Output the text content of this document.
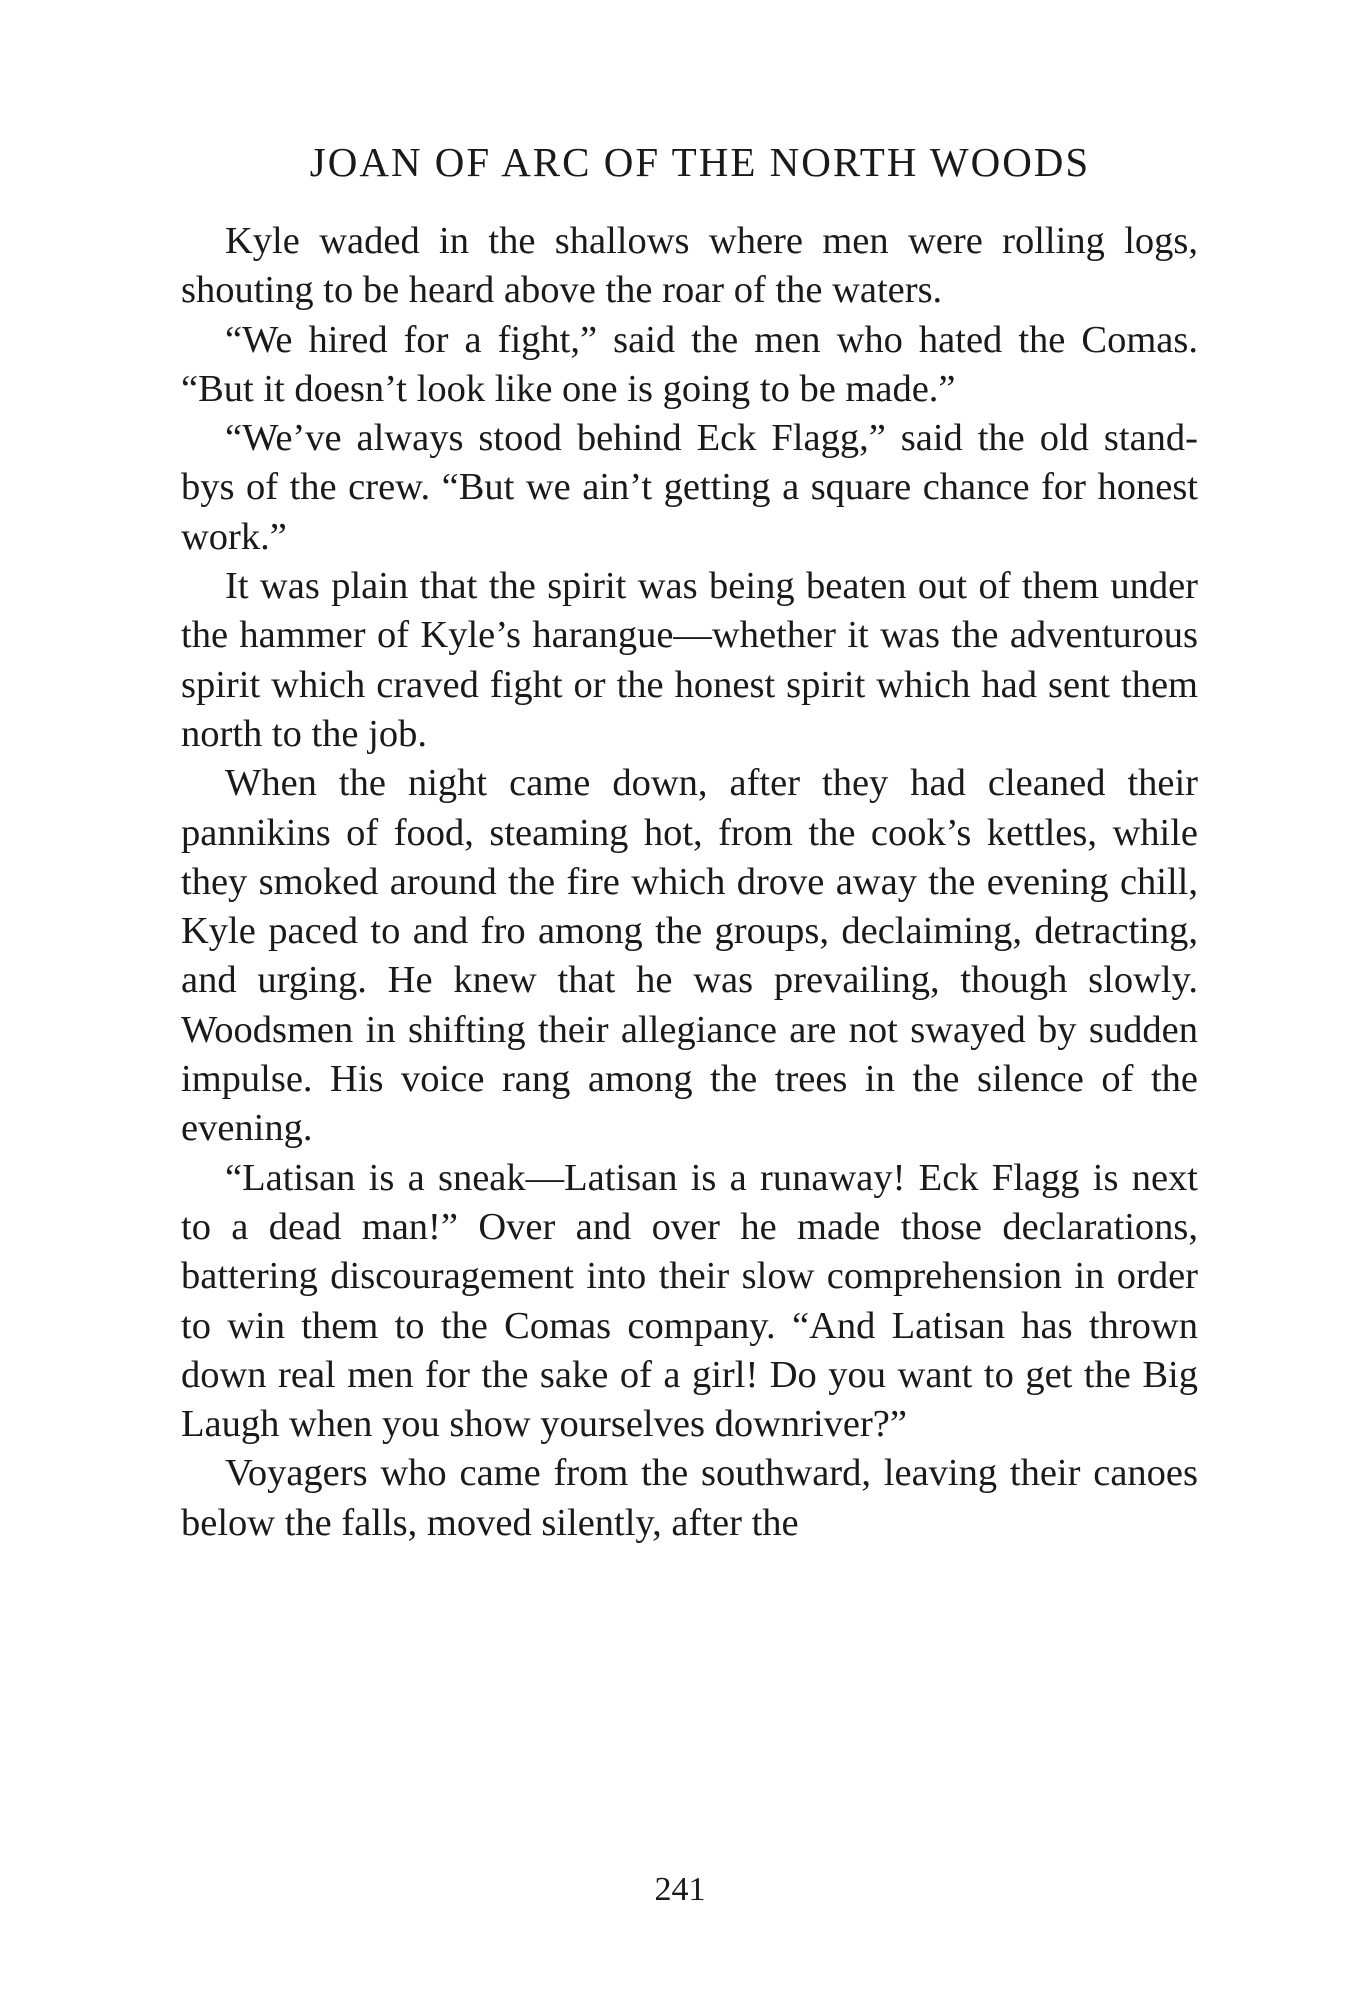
JOAN OF ARC OF THE NORTH WOODS

Kyle waded in the shallows where men were rolling logs, shouting to be heard above the roar of the waters.

“We hired for a fight,” said the men who hated the Comas. “But it doesn’t look like one is going to be made.”

“We’ve always stood behind Eck Flagg,” said the old stand-bys of the crew. “But we ain’t getting a square chance for honest work.”

It was plain that the spirit was being beaten out of them under the hammer of Kyle’s harangue—whether it was the adventurous spirit which craved fight or the honest spirit which had sent them north to the job.

When the night came down, after they had cleaned their pannikins of food, steaming hot, from the cook’s kettles, while they smoked around the fire which drove away the evening chill, Kyle paced to and fro among the groups, declaiming, detracting, and urging. He knew that he was prevailing, though slowly. Woodsmen in shifting their allegiance are not swayed by sudden impulse. His voice rang among the trees in the silence of the evening.

“Latisan is a sneak—Latisan is a runaway! Eck Flagg is next to a dead man!” Over and over he made those declarations, battering discouragement into their slow comprehension in order to win them to the Comas company. “And Latisan has thrown down real men for the sake of a girl! Do you want to get the Big Laugh when you show yourselves downriver?”

Voyagers who came from the southward, leaving their canoes below the falls, moved silently, after the

241
